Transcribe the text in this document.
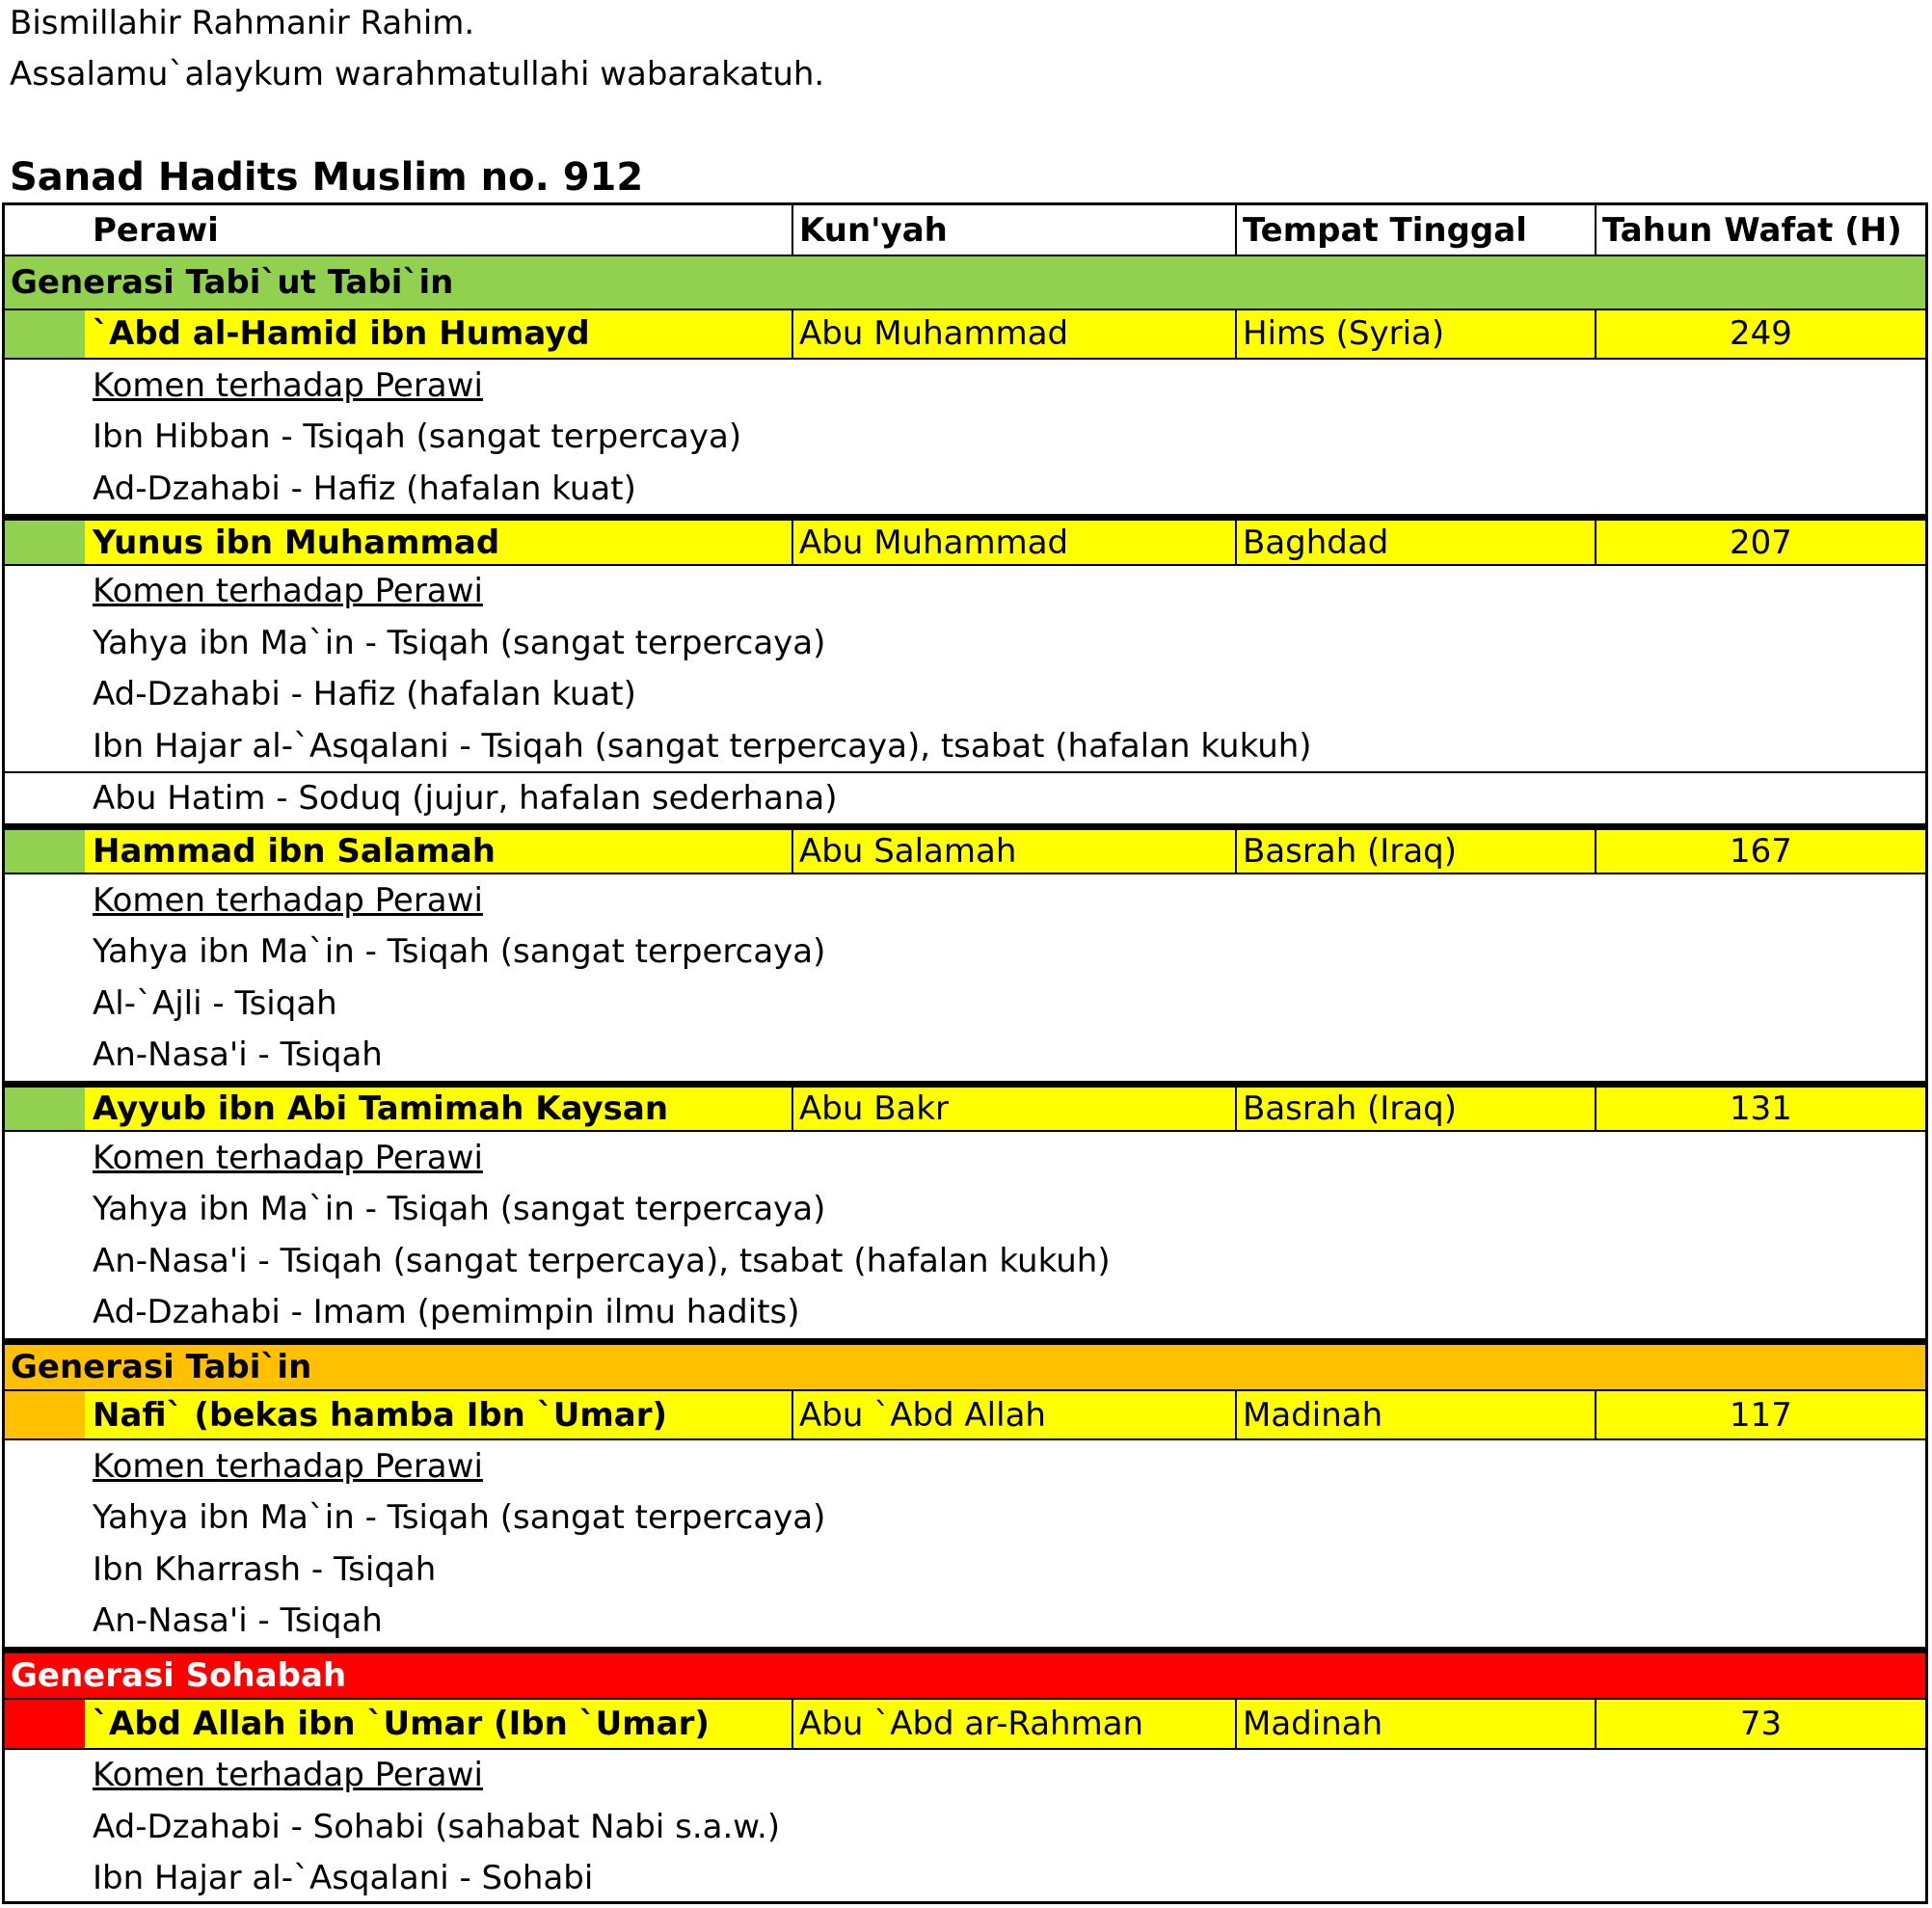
Bismillahir Rahmanir Rahim.
Assalamu`alaykum warahmatullahi wabarakatuh.
Sanad Hadits Muslim no. 912
Perawi	Kun'yah	Tempat Tinggal	Tahun Wafat (H)
Generasi Tabi`ut Tabi`in
`Abd al-Hamid ibn Humayd	Abu Muhammad	Hims (Syria)	249
Komen terhadap Perawi
Ibn Hibban - Tsiqah (sangat terpercaya)
Ad-Dzahabi - Hafiz (hafalan kuat)
Yunus ibn Muhammad	Abu Muhammad	Baghdad	207
Komen terhadap Perawi
Yahya ibn Ma`in - Tsiqah (sangat terpercaya)
Ad-Dzahabi - Hafiz (hafalan kuat)
Ibn Hajar al-`Asqalani - Tsiqah (sangat terpercaya), tsabat (hafalan kukuh)
Abu Hatim - Soduq (jujur, hafalan sederhana)
Hammad ibn Salamah	Abu Salamah	Basrah (Iraq)	167
Komen terhadap Perawi
Yahya ibn Ma`in - Tsiqah (sangat terpercaya)
Al-`Ajli - Tsiqah
An-Nasa'i - Tsiqah
Ayyub ibn Abi Tamimah Kaysan	Abu Bakr	Basrah (Iraq)	131
Komen terhadap Perawi
Yahya ibn Ma`in - Tsiqah (sangat terpercaya)
An-Nasa'i - Tsiqah (sangat terpercaya), tsabat (hafalan kukuh)
Ad-Dzahabi - Imam (pemimpin ilmu hadits)
Generasi Tabi`in
Nafi` (bekas hamba Ibn `Umar)	Abu `Abd Allah	Madinah	117
Komen terhadap Perawi
Yahya ibn Ma`in - Tsiqah (sangat terpercaya)
Ibn Kharrash - Tsiqah
An-Nasa'i - Tsiqah
Generasi Sohabah
`Abd Allah ibn `Umar (Ibn `Umar)	Abu `Abd ar-Rahman	Madinah	73
Komen terhadap Perawi
Ad-Dzahabi - Sohabi (sahabat Nabi s.a.w.)
Ibn Hajar al-`Asqalani - Sohabi
